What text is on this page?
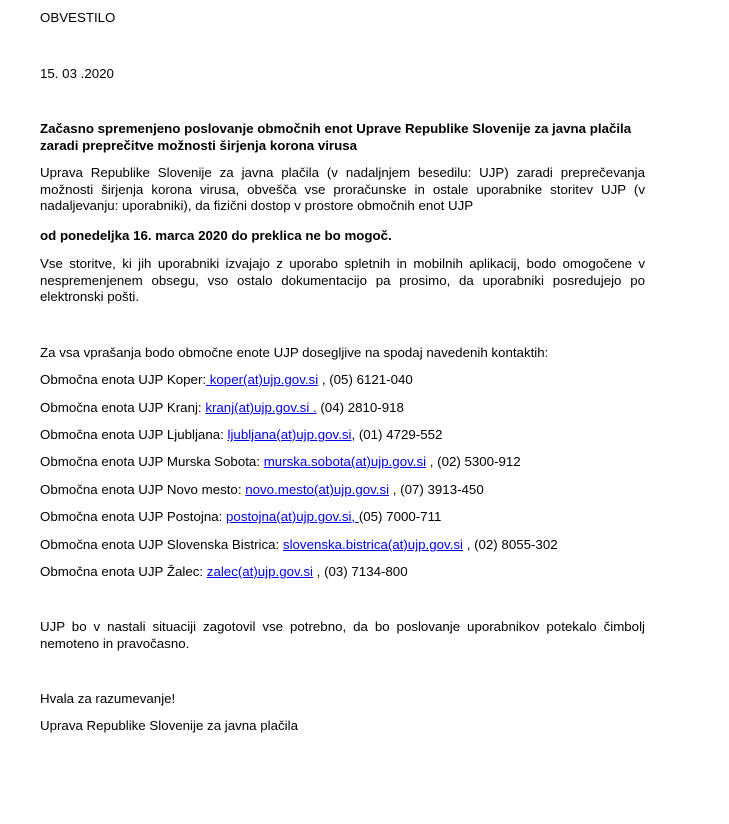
OBVESTILO
15. 03 .2020
Začasno spremenjeno poslovanje območnih enot Uprave Republike Slovenije za javna plačila
zaradi preprečitve možnosti širjenja korona virusa
Uprava Republike Slovenije za javna plačila (v nadaljnjem besedilu: UJP) zaradi preprečevanja možnosti širjenja korona virusa, obvešča vse proračunske in ostale uporabnike storitev UJP (v nadaljevanju: uporabniki), da fizični dostop v prostore območnih enot UJP
od ponedeljka 16. marca 2020 do preklica ne bo mogoč.
Vse storitve, ki jih uporabniki izvajajo z uporabo spletnih in mobilnih aplikacij, bodo omogočene v nespremenjenem obsegu, vso ostalo dokumentacijo pa prosimo, da uporabniki posredujejo po elektronski pošti.
Za vsa vprašanja bodo območne enote UJP dosegljive na spodaj navedenih kontaktih:
Območna enota UJP Koper: koper(at)ujp.gov.si , (05) 6121-040
Območna enota UJP Kranj: kranj(at)ujp.gov.si . (04) 2810-918
Območna enota UJP Ljubljana: ljubljana(at)ujp.gov.si, (01) 4729-552
Območna enota UJP Murska Sobota: murska.sobota(at)ujp.gov.si , (02) 5300-912
Območna enota UJP Novo mesto: novo.mesto(at)ujp.gov.si , (07) 3913-450
Območna enota UJP Postojna: postojna(at)ujp.gov.si, (05) 7000-711
Območna enota UJP Slovenska Bistrica: slovenska.bistrica(at)ujp.gov.si , (02) 8055-302
Območna enota UJP Žalec: zalec(at)ujp.gov.si , (03) 7134-800
UJP bo v nastali situaciji zagotovil vse potrebno, da bo poslovanje uporabnikov potekalo čimbolj nemoteno in pravočasno.
Hvala za razumevanje!
Uprava Republike Slovenije za javna plačila
